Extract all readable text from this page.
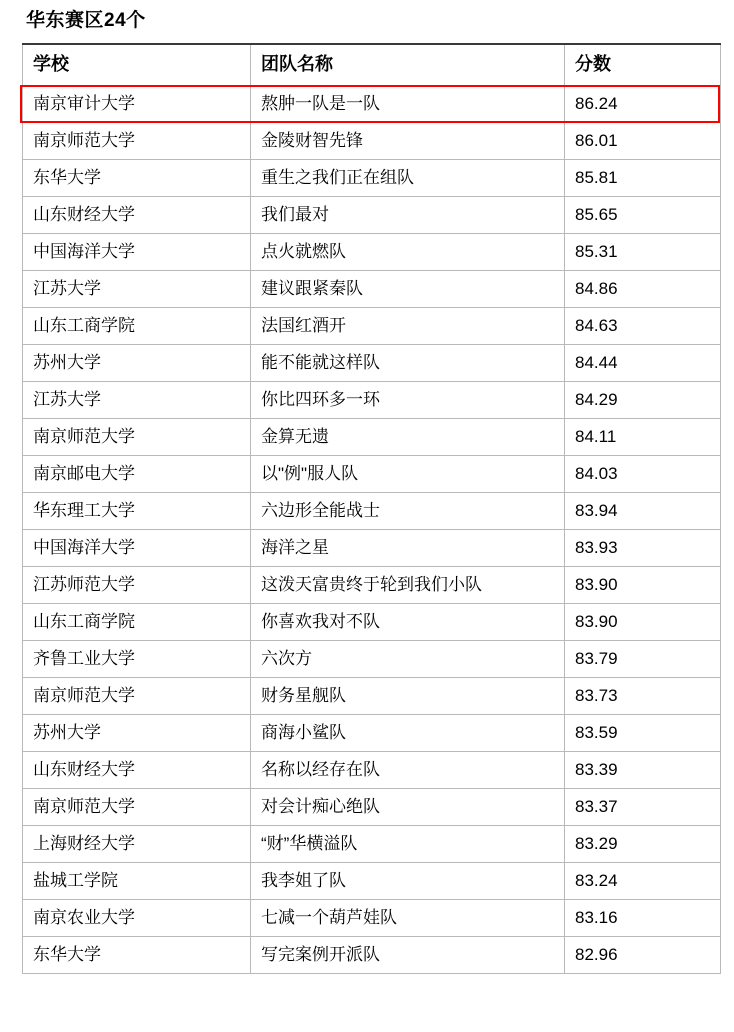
华东赛区24个
学校	团队名称	分数
南京审计大学	熬肿一队是一队	86.24
南京师范大学	金陵财智先锋	86.01
东华大学	重生之我们正在组队	85.81
山东财经大学	我们最对	85.65
中国海洋大学	点火就燃队	85.31
江苏大学	建议跟紧秦队	84.86
山东工商学院	法国红酒开	84.63
苏州大学	能不能就这样队	84.44
江苏大学	你比四环多一环	84.29
南京师范大学	金算无遗	84.11
南京邮电大学	以"例"服人队	84.03
华东理工大学	六边形全能战士	83.94
中国海洋大学	海洋之星	83.93
江苏师范大学	这泼天富贵终于轮到我们小队	83.90
山东工商学院	你喜欢我对不队	83.90
齐鲁工业大学	六次方	83.79
南京师范大学	财务星舰队	83.73
苏州大学	商海小鲨队	83.59
山东财经大学	名称以经存在队	83.39
南京师范大学	对会计痴心绝队	83.37
上海财经大学	“财”华横溢队	83.29
盐城工学院	我李姐了队	83.24
南京农业大学	七减一个葫芦娃队	83.16
东华大学	写完案例开派队	82.96
